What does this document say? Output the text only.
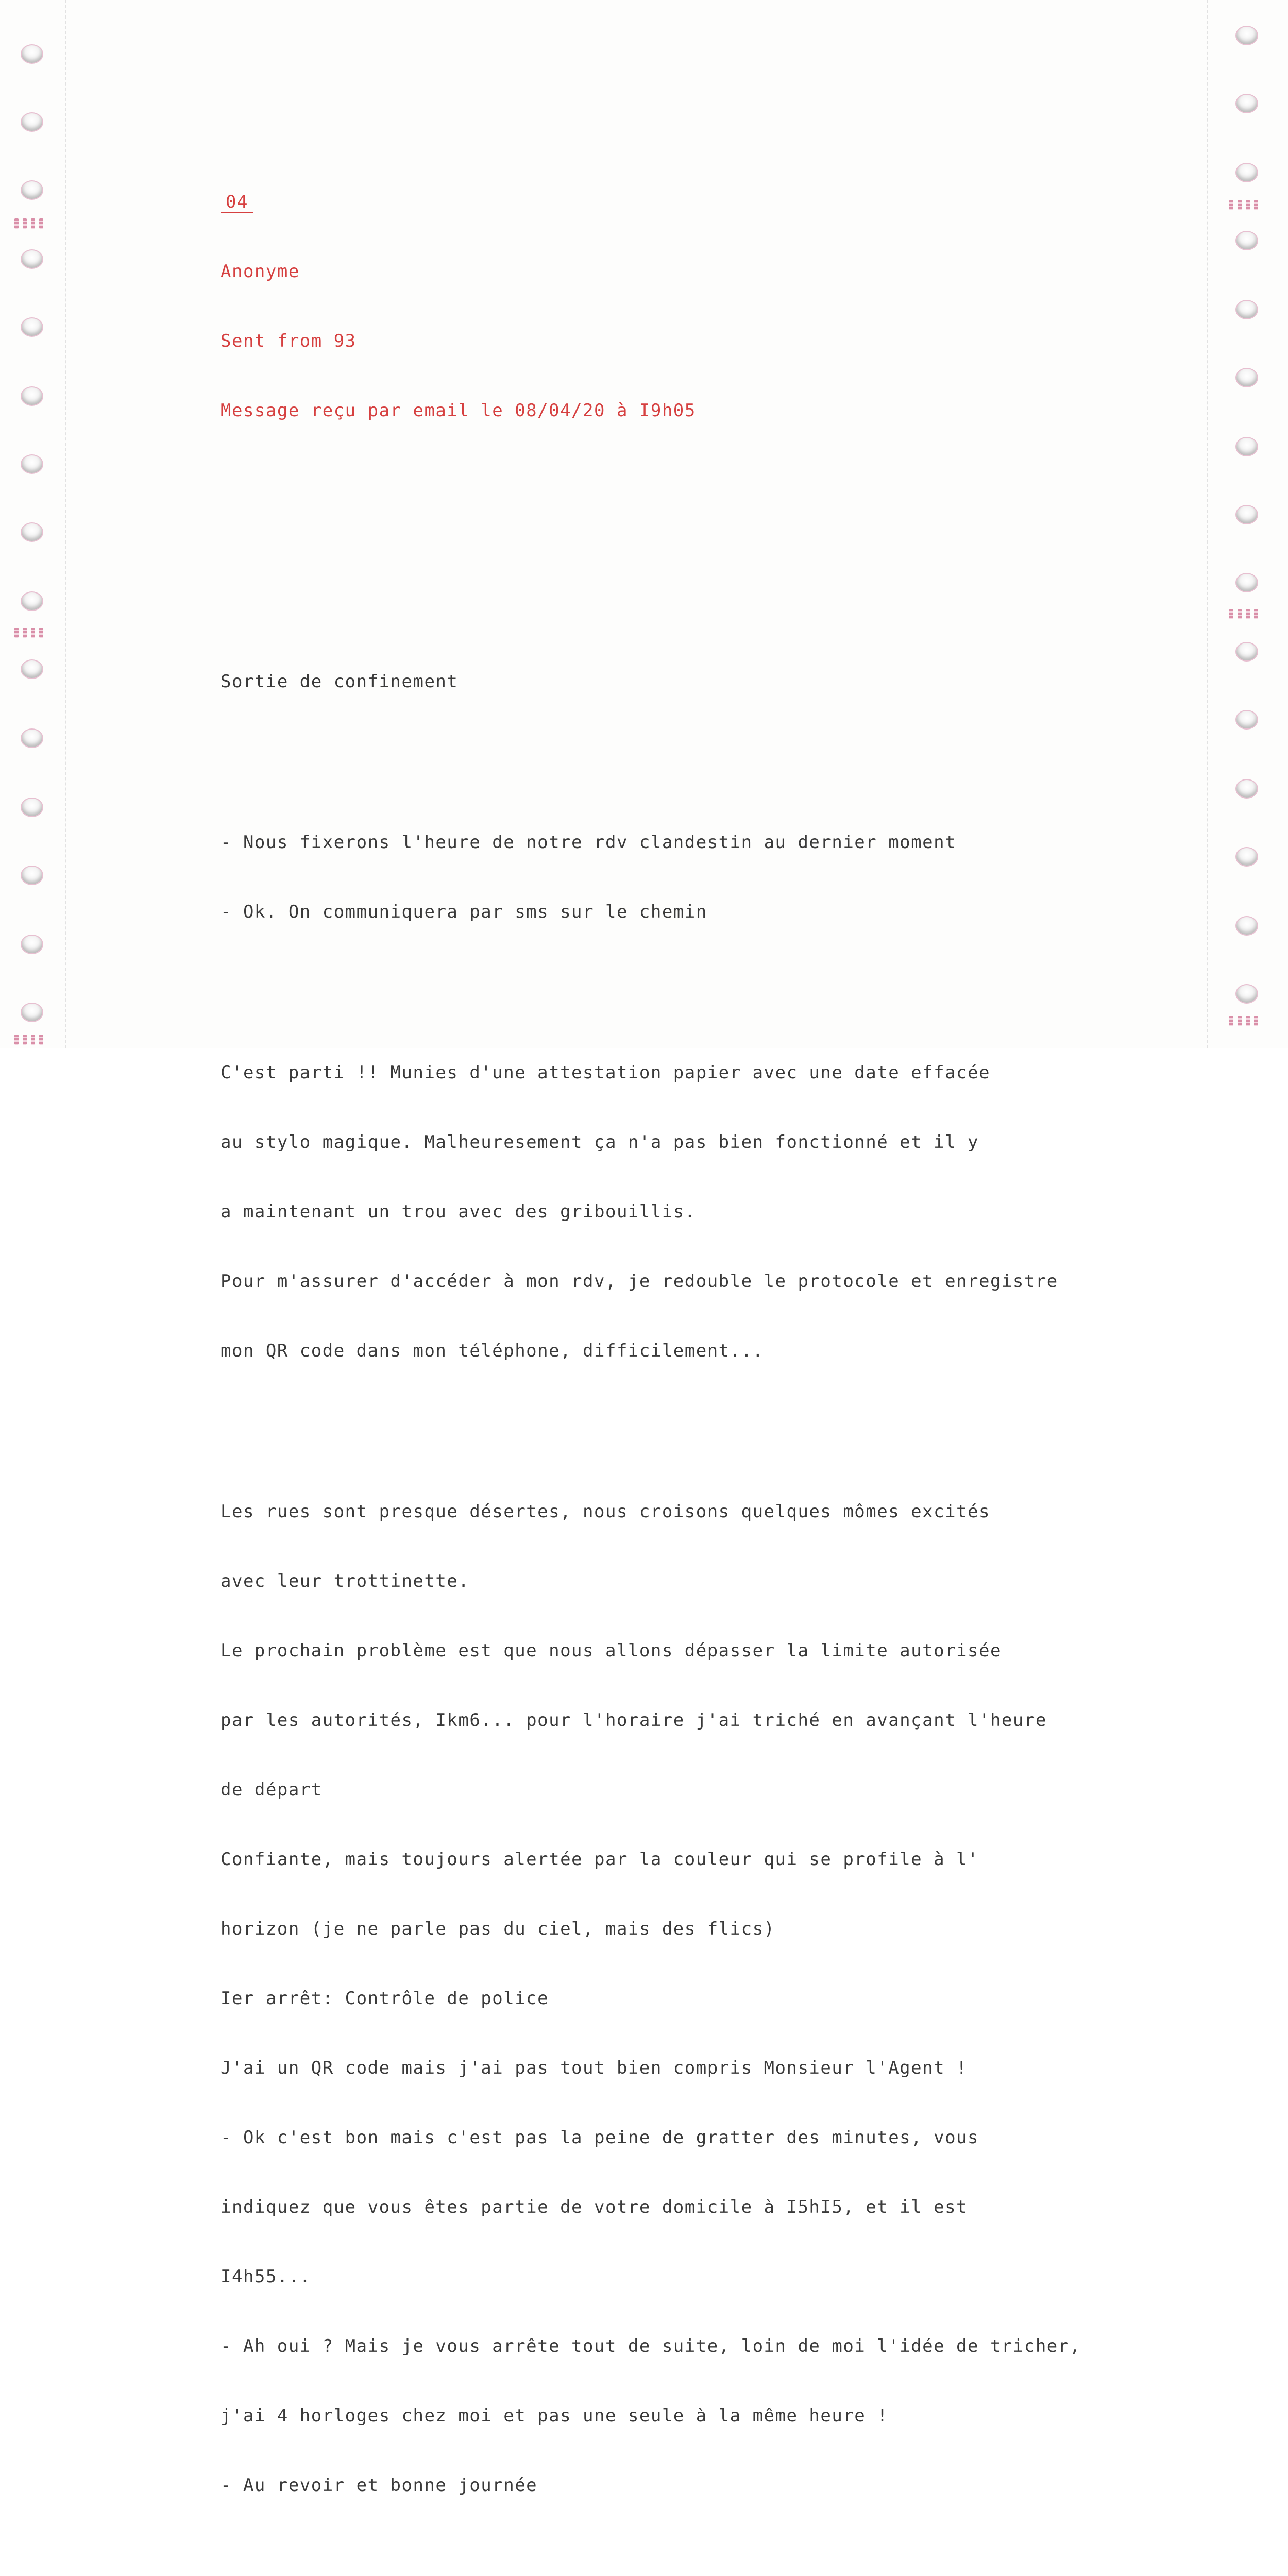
04

Anonyme

Sent from 93

Message reçu par email le 08/04/20 à I9h05

Sortie de confinement

- Nous fixerons l'heure de notre rdv clandestin au dernier moment

- Ok. On communiquera par sms sur le chemin

C'est parti !! Munies d'une attestation papier avec une date effacée

au stylo magique. Malheuresement ça n'a pas bien fonctionné et il y

a maintenant un trou avec des gribouillis.

Pour m'assurer d'accéder à mon rdv, je redouble le protocole et enregistre

mon QR code dans mon téléphone, difficilement...

Les rues sont presque désertes, nous croisons quelques mômes excités

avec leur trottinette.

Le prochain problème est que nous allons dépasser la limite autorisée

par les autorités, Ikm6... pour l'horaire j'ai triché en avançant l'heure

de départ

Confiante, mais toujours alertée par la couleur qui se profile à l'

horizon (je ne parle pas du ciel, mais des flics)

Ier arrêt: Contrôle de police

J'ai un QR code mais j'ai pas tout bien compris Monsieur l'Agent !

- Ok c'est bon mais c'est pas la peine de gratter des minutes, vous

indiquez que vous êtes partie de votre domicile à I5hI5, et il est

I4h55...

- Ah oui ? Mais je vous arrête tout de suite, loin de moi l'idée de tricher,

j'ai 4 horloges chez moi et pas une seule à la même heure !

- Au revoir et bonne journée
